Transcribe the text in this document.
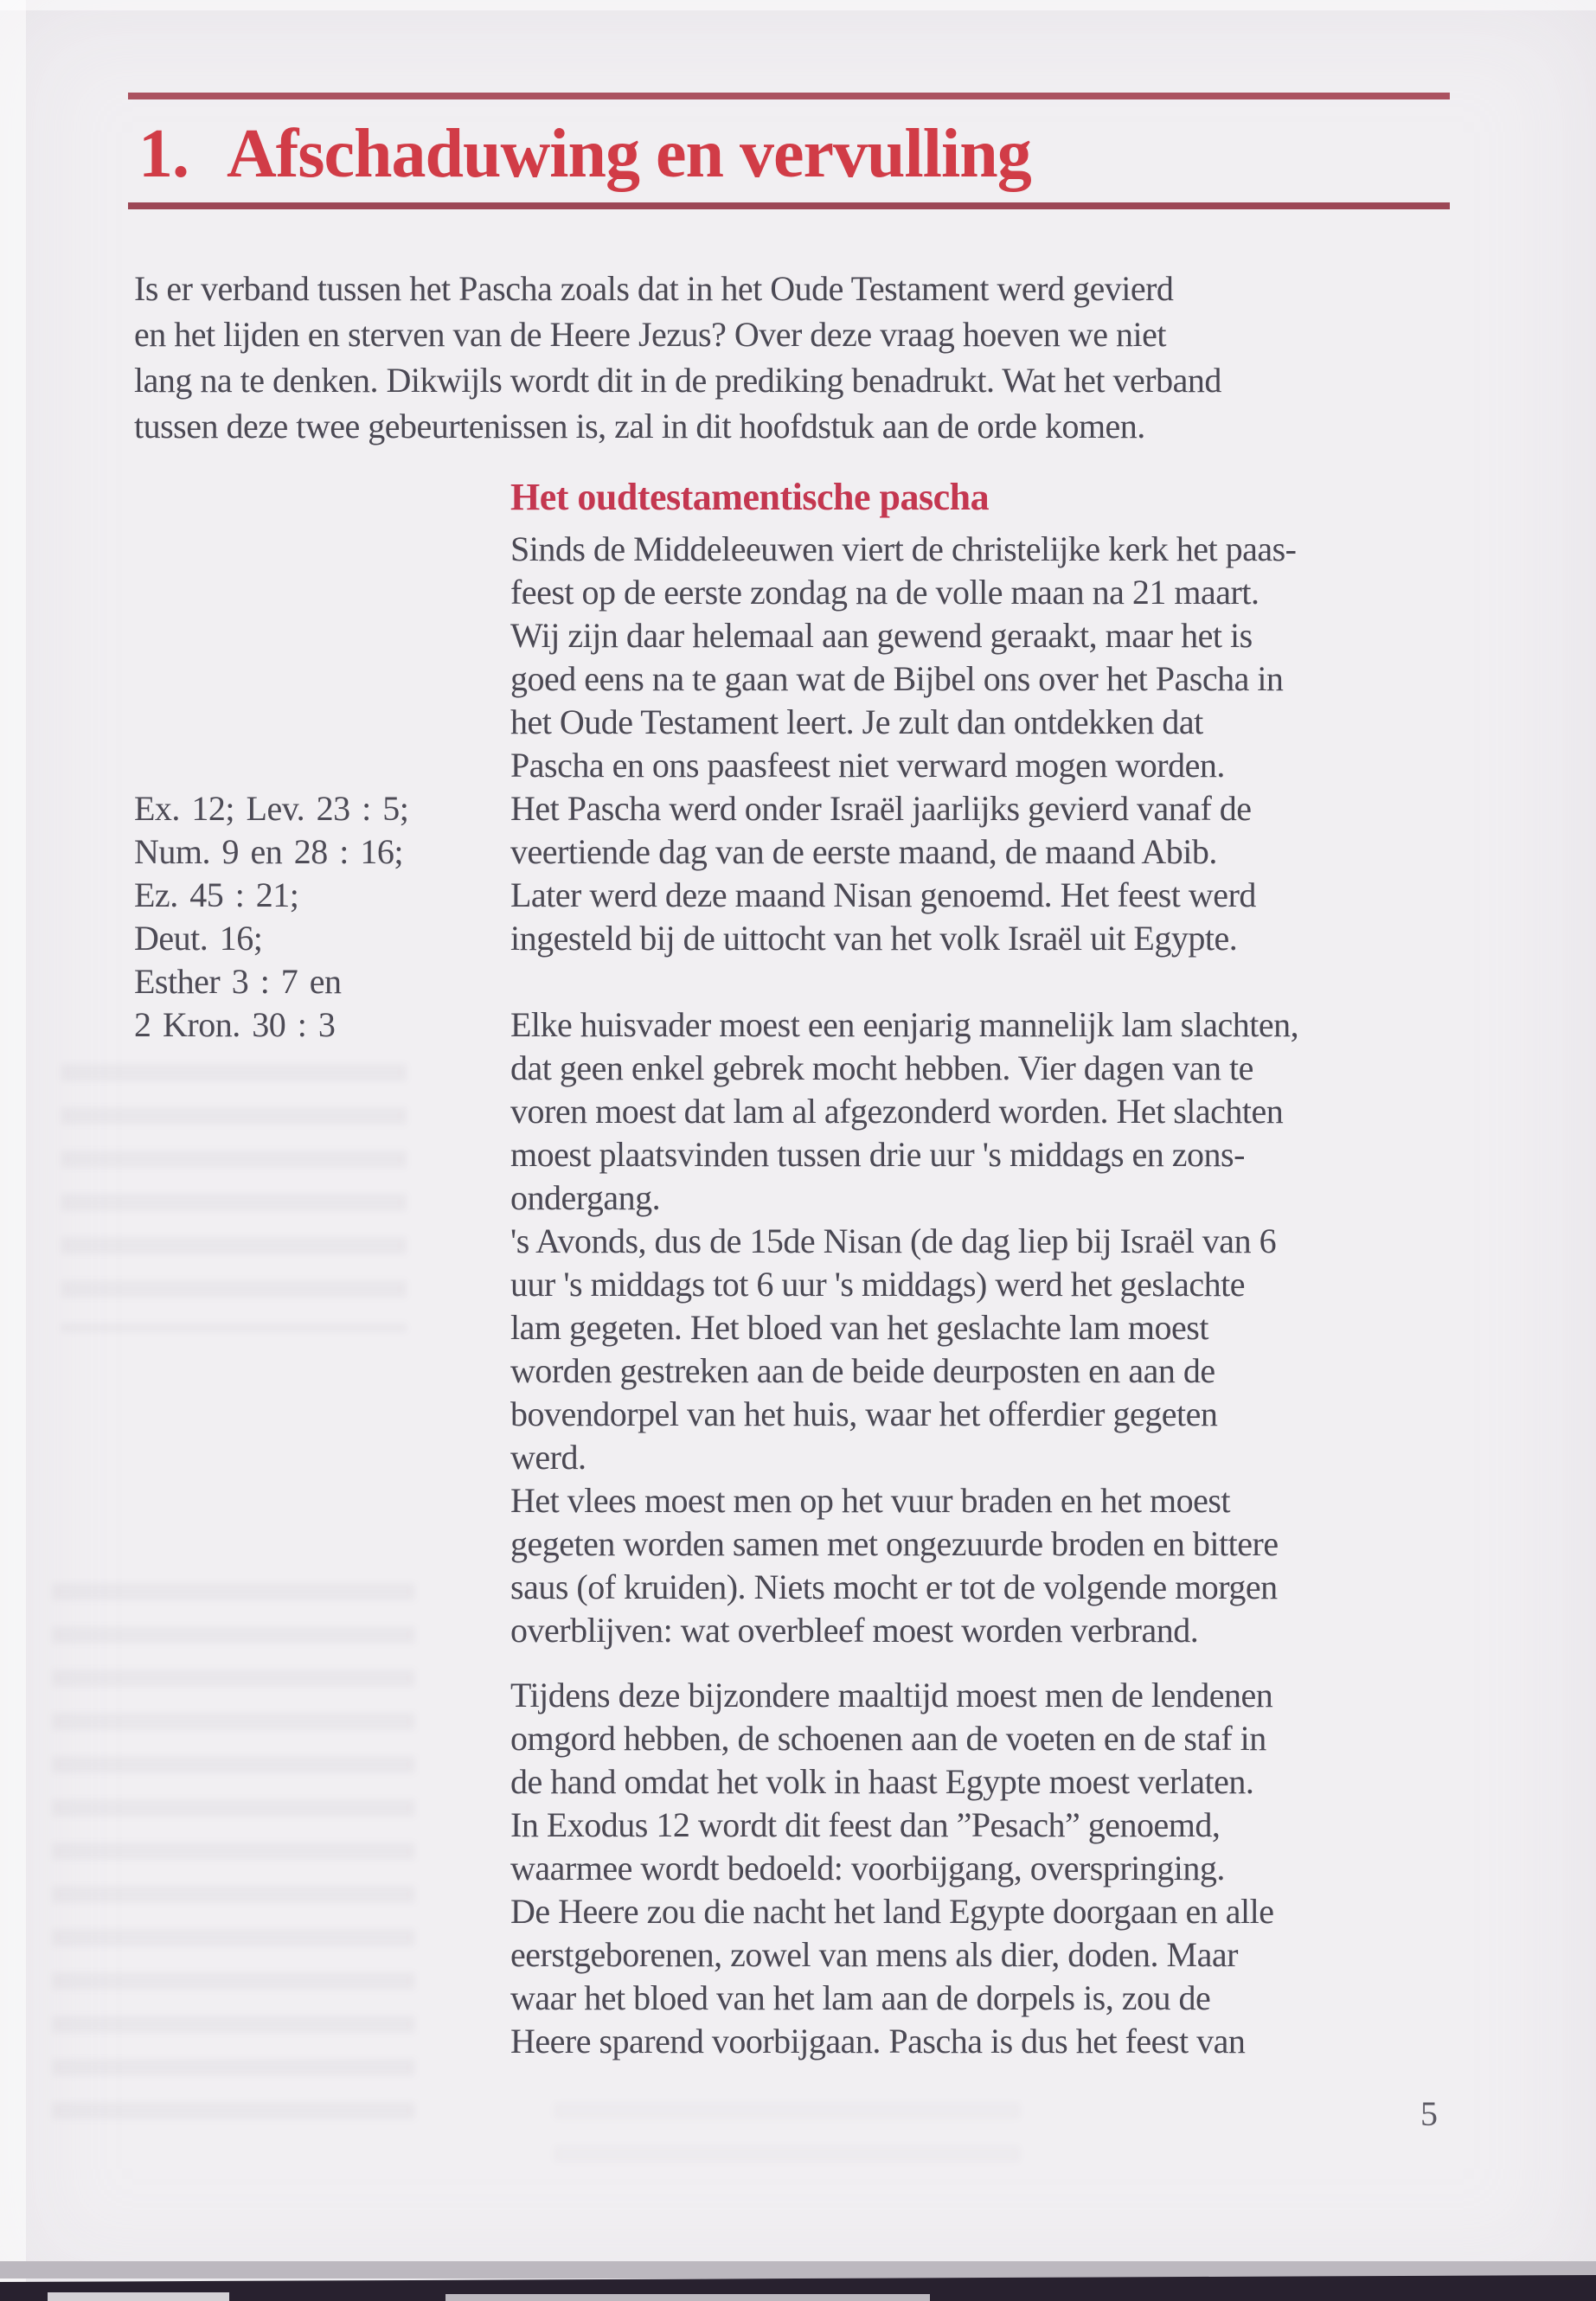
1. Afschaduwing en vervulling
Is er verband tussen het Pascha zoals dat in het Oude Testament werd gevierd
en het lijden en sterven van de Heere Jezus? Over deze vraag hoeven we niet
lang na te denken. Dikwijls wordt dit in de prediking benadrukt. Wat het verband
tussen deze twee gebeurtenissen is, zal in dit hoofdstuk aan de orde komen.
Het oudtestamentische pascha
Ex. 12; Lev. 23 : 5;
Num. 9 en 28 : 16;
Ez. 45 : 21;
Deut. 16;
Esther 3 : 7 en
2 Kron. 30 : 3
Sinds de Middeleeuwen viert de christelijke kerk het paas-
feest op de eerste zondag na de volle maan na 21 maart.
Wij zijn daar helemaal aan gewend geraakt, maar het is
goed eens na te gaan wat de Bijbel ons over het Pascha in
het Oude Testament leert. Je zult dan ontdekken dat
Pascha en ons paasfeest niet verward mogen worden.
Het Pascha werd onder Israël jaarlijks gevierd vanaf de
veertiende dag van de eerste maand, de maand Abib.
Later werd deze maand Nisan genoemd. Het feest werd
ingesteld bij de uittocht van het volk Israël uit Egypte.
Elke huisvader moest een eenjarig mannelijk lam slachten,
dat geen enkel gebrek mocht hebben. Vier dagen van te
voren moest dat lam al afgezonderd worden. Het slachten
moest plaatsvinden tussen drie uur 's middags en zons-
ondergang.
's Avonds, dus de 15de Nisan (de dag liep bij Israël van 6
uur 's middags tot 6 uur 's middags) werd het geslachte
lam gegeten. Het bloed van het geslachte lam moest
worden gestreken aan de beide deurposten en aan de
bovendorpel van het huis, waar het offerdier gegeten
werd.
Het vlees moest men op het vuur braden en het moest
gegeten worden samen met ongezuurde broden en bittere
saus (of kruiden). Niets mocht er tot de volgende morgen
overblijven: wat overbleef moest worden verbrand.
Tijdens deze bijzondere maaltijd moest men de lendenen
omgord hebben, de schoenen aan de voeten en de staf in
de hand omdat het volk in haast Egypte moest verlaten.
In Exodus 12 wordt dit feest dan ”Pesach” genoemd,
waarmee wordt bedoeld: voorbijgang, overspringing.
De Heere zou die nacht het land Egypte doorgaan en alle
eerstgeborenen, zowel van mens als dier, doden. Maar
waar het bloed van het lam aan de dorpels is, zou de
Heere sparend voorbijgaan. Pascha is dus het feest van
5
